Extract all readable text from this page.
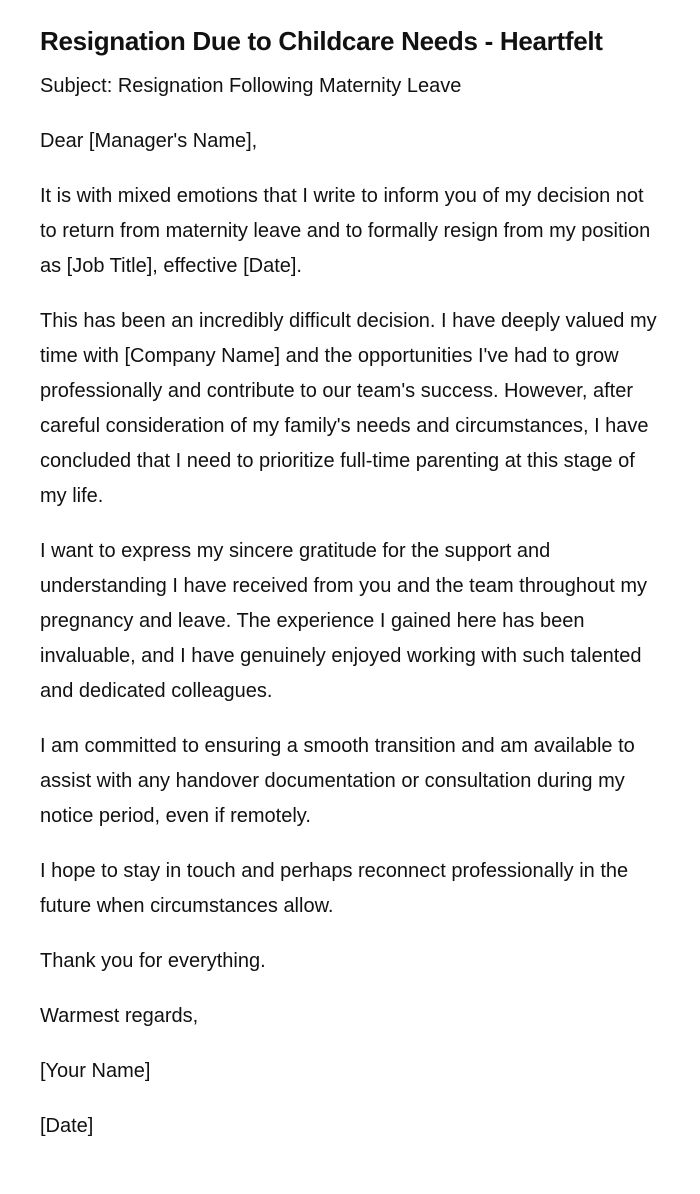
Resignation Due to Childcare Needs - Heartfelt

Subject: Resignation Following Maternity Leave

Dear [Manager's Name],

It is with mixed emotions that I write to inform you of my decision not to return from maternity leave and to formally resign from my position as [Job Title], effective [Date].

This has been an incredibly difficult decision. I have deeply valued my time with [Company Name] and the opportunities I've had to grow professionally and contribute to our team's success. However, after careful consideration of my family's needs and circumstances, I have concluded that I need to prioritize full-time parenting at this stage of my life.

I want to express my sincere gratitude for the support and understanding I have received from you and the team throughout my pregnancy and leave. The experience I gained here has been invaluable, and I have genuinely enjoyed working with such talented and dedicated colleagues.

I am committed to ensuring a smooth transition and am available to assist with any handover documentation or consultation during my notice period, even if remotely.

I hope to stay in touch and perhaps reconnect professionally in the future when circumstances allow.

Thank you for everything.

Warmest regards,

[Your Name]

[Date]
